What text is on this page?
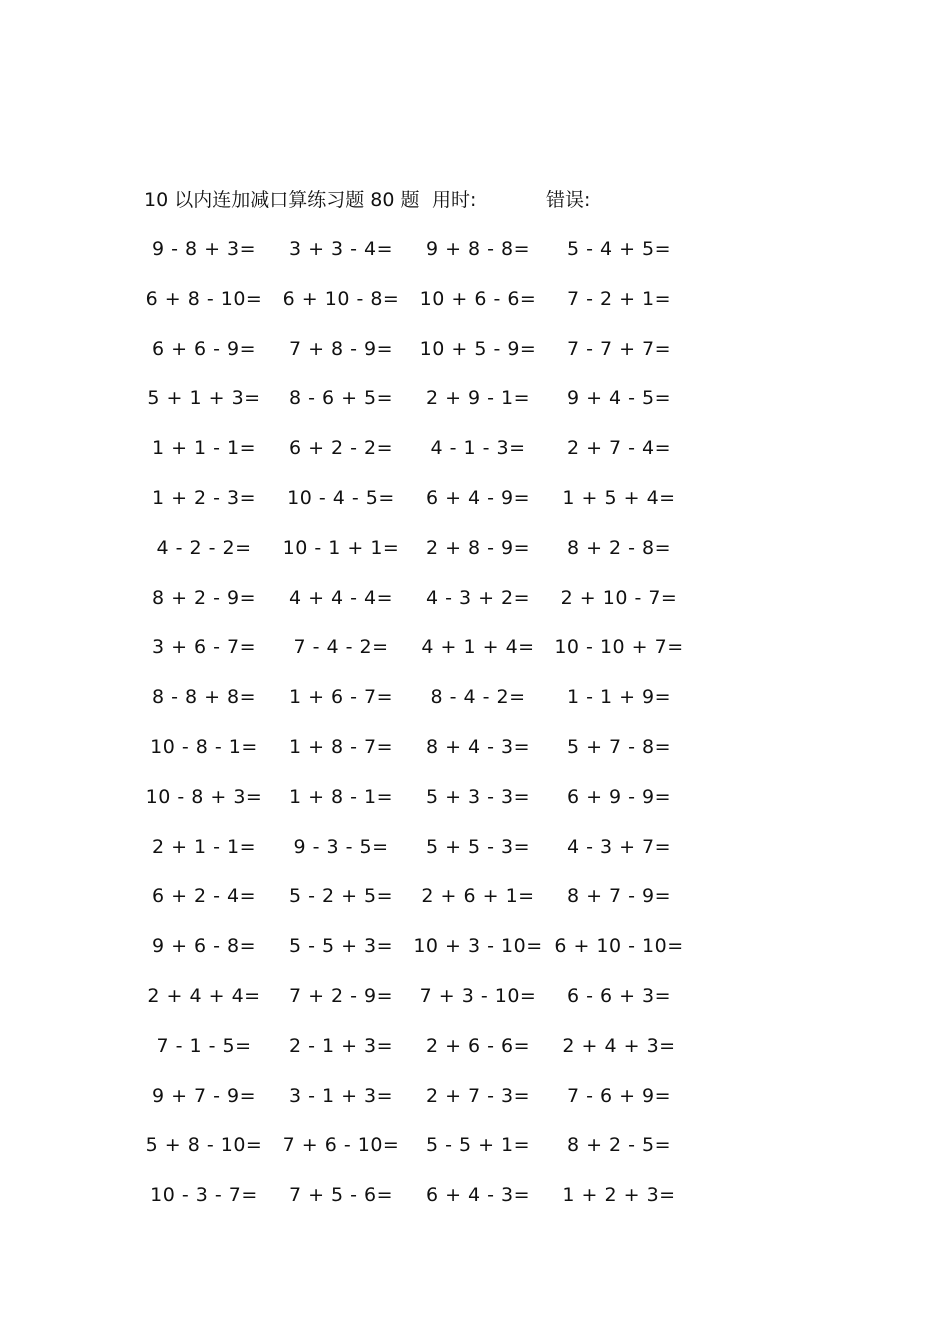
10 以内连加减口算练习题 80 题 用时:	错误:
9 - 8 + 3=	3 + 3 - 4=	9 + 8 - 8=	5 - 4 + 5=
6 + 8 - 10=	6 + 10 - 8=	10 + 6 - 6=	7 - 2 + 1=
6 + 6 - 9=	7 + 8 - 9=	10 + 5 - 9=	7 - 7 + 7=
5 + 1 + 3=	8 - 6 + 5=	2 + 9 - 1=	9 + 4 - 5=
1 + 1 - 1=	6 + 2 - 2=	4 - 1 - 3=	2 + 7 - 4=
1 + 2 - 3=	10 - 4 - 5=	6 + 4 - 9=	1 + 5 + 4=
4 - 2 - 2=	10 - 1 + 1=	2 + 8 - 9=	8 + 2 - 8=
8 + 2 - 9=	4 + 4 - 4=	4 - 3 + 2=	2 + 10 - 7=
3 + 6 - 7=	7 - 4 - 2=	4 + 1 + 4=	10 - 10 + 7=
8 - 8 + 8=	1 + 6 - 7=	8 - 4 - 2=	1 - 1 + 9=
10 - 8 - 1=	1 + 8 - 7=	8 + 4 - 3=	5 + 7 - 8=
10 - 8 + 3=	1 + 8 - 1=	5 + 3 - 3=	6 + 9 - 9=
2 + 1 - 1=	9 - 3 - 5=	5 + 5 - 3=	4 - 3 + 7=
6 + 2 - 4=	5 - 2 + 5=	2 + 6 + 1=	8 + 7 - 9=
9 + 6 - 8=	5 - 5 + 3=	10 + 3 - 10= 6 + 10 - 10=
2 + 4 + 4=	7 + 2 - 9=	7 + 3 - 10=	6 - 6 + 3=
7 - 1 - 5=	2 - 1 + 3=	2 + 6 - 6=	2 + 4 + 3=
9 + 7 - 9=	3 - 1 + 3=	2 + 7 - 3=	7 - 6 + 9=
5 + 8 - 10=	7 + 6 - 10=	5 - 5 + 1=	8 + 2 - 5=
10 - 3 - 7=	7 + 5 - 6=	6 + 4 - 3=	1 + 2 + 3=
